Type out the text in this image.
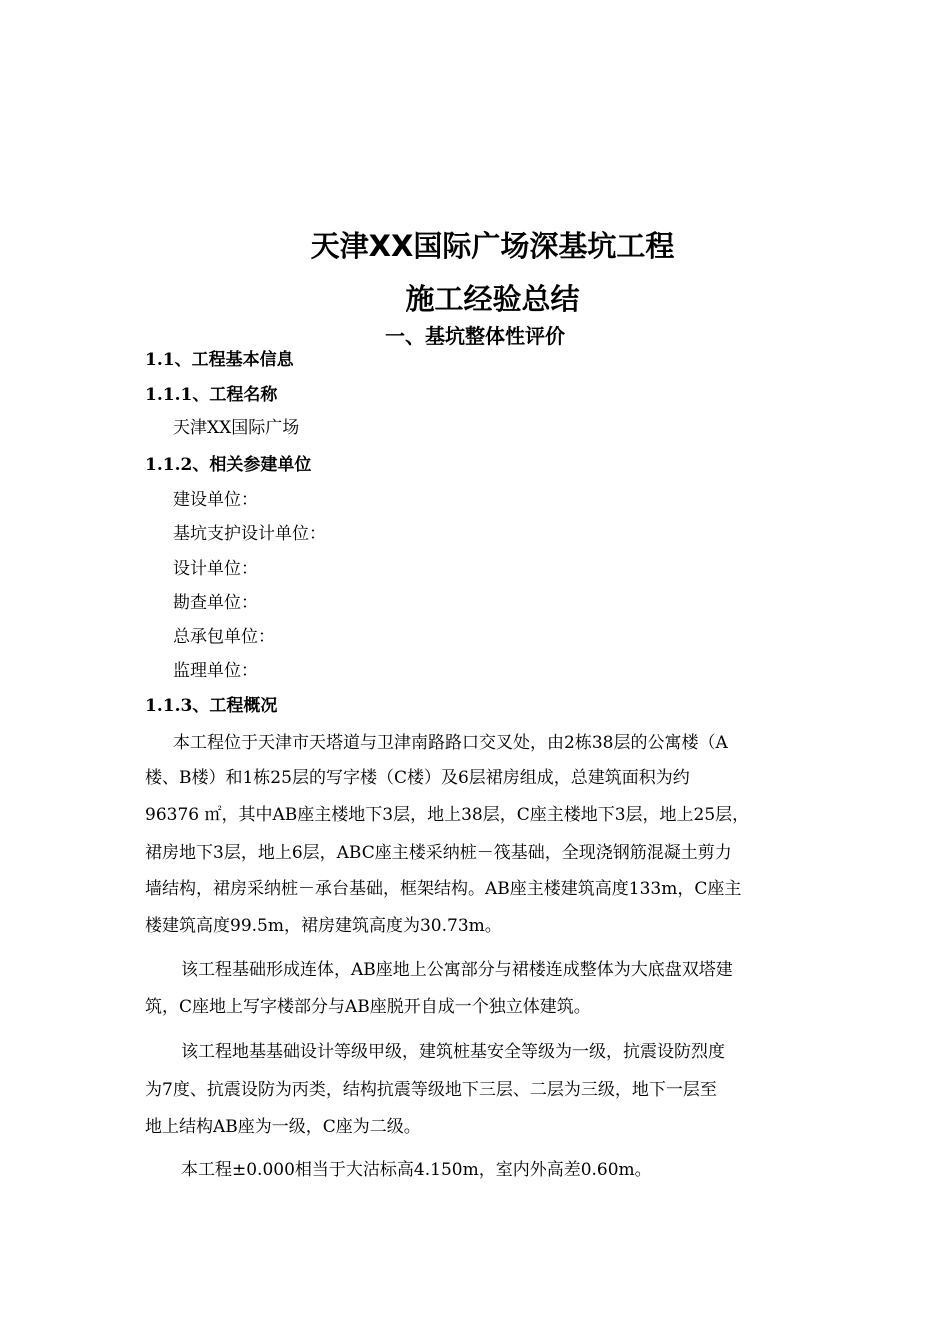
天津XX国际广场深基坑工程
施工经验总结
一、基坑整体性评价

1.1、工程基本信息

1.1.1、工程名称

天津XX国际广场

1.1.2、相关参建单位

建设单位：

基坑支护设计单位：

设计单位：

勘查单位：

总承包单位：

监理单位：

1.1.3、工程概况

本工程位于天津市天塔道与卫津南路路口交叉处，由2栋38层的公寓楼（A

楼、B楼）和1栋25层的写字楼（C楼）及6层裙房组成，总建筑面积为约

96376 ㎡，其中AB座主楼地下3层，地上38层，C座主楼地下3层，地上25层，

裙房地下3层，地上6层，ABC座主楼采纳桩－筏基础，全现浇钢筋混凝土剪力

墙结构，裙房采纳桩－承台基础，框架结构。AB座主楼建筑高度133m，C座主

楼建筑高度99.5m，裙房建筑高度为30.73m。

该工程基础形成连体，AB座地上公寓部分与裙楼连成整体为大底盘双塔建

筑，C座地上写字楼部分与AB座脱开自成一个独立体建筑。

该工程地基基础设计等级甲级，建筑桩基安全等级为一级，抗震设防烈度

为7度、抗震设防为丙类，结构抗震等级地下三层、二层为三级，地下一层至

地上结构AB座为一级，C座为二级。

本工程±0.000相当于大沽标高4.150m，室内外高差0.60m。
